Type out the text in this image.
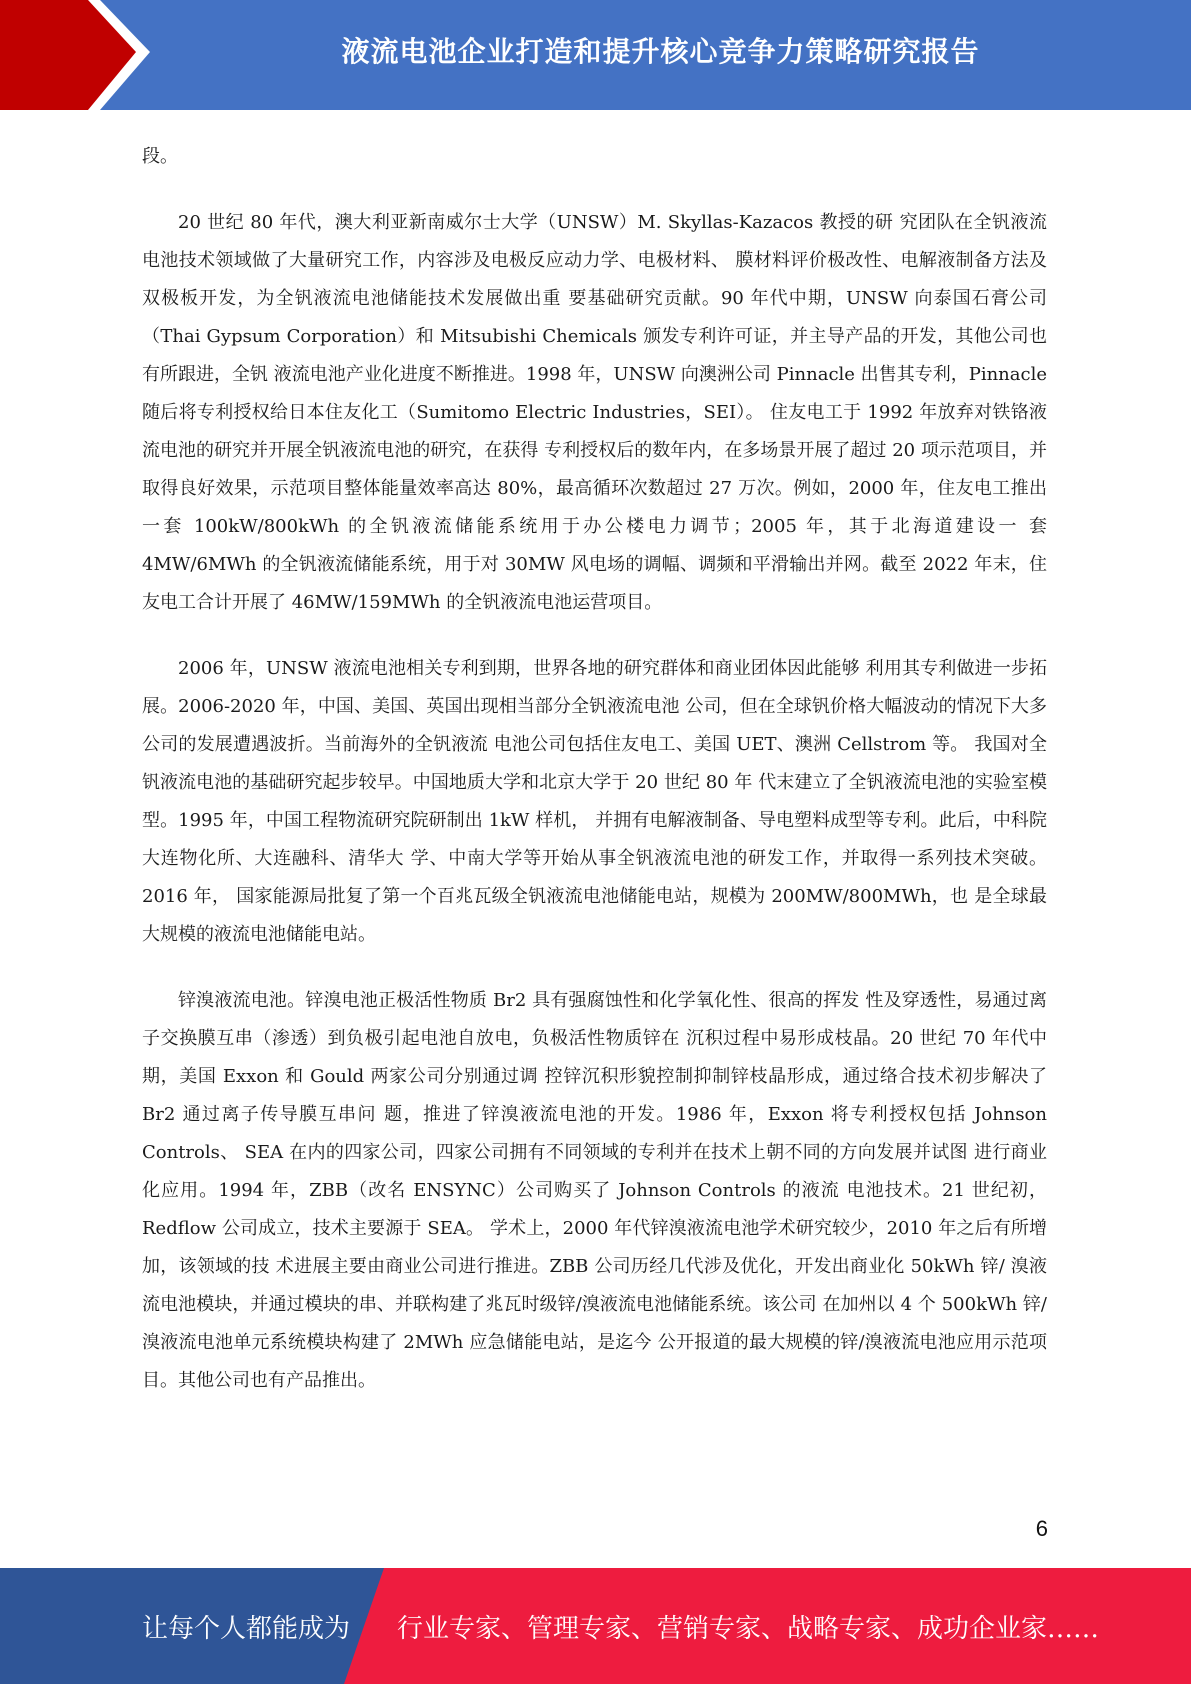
液流电池企业打造和提升核心竞争力策略研究报告

段。

20 世纪 80 年代，澳大利亚新南威尔士大学（UNSW）M. Skyllas-Kazacos 教授的研 究团队在全钒液流电池技术领域做了大量研究工作，内容涉及电极反应动力学、电极材料、 膜材料评价极改性、电解液制备方法及双极板开发，为全钒液流电池储能技术发展做出重 要基础研究贡献。90 年代中期，UNSW 向泰国石膏公司（Thai Gypsum Corporation）和 Mitsubishi Chemicals 颁发专利许可证，并主导产品的开发，其他公司也有所跟进，全钒 液流电池产业化进度不断推进。1998 年，UNSW 向澳洲公司 Pinnacle 出售其专利，Pinnacle 随后将专利授权给日本住友化工（Sumitomo Electric Industries，SEI）。 住友电工于 1992 年放弃对铁铬液流电池的研究并开展全钒液流电池的研究，在获得 专利授权后的数年内，在多场景开展了超过 20 项示范项目，并取得良好效果，示范项目整体能量效率高达 80%，最高循环次数超过 27 万次。例如，2000 年，住友电工推出一套 100kW/800kWh 的全钒液流储能系统用于办公楼电力调节；2005 年，其于北海道建设一 套 4MW/6MWh 的全钒液流储能系统，用于对 30MW 风电场的调幅、调频和平滑输出并网。截至 2022 年末，住友电工合计开展了 46MW/159MWh 的全钒液流电池运营项目。

2006 年，UNSW 液流电池相关专利到期，世界各地的研究群体和商业团体因此能够 利用其专利做进一步拓展。2006-2020 年，中国、美国、英国出现相当部分全钒液流电池 公司，但在全球钒价格大幅波动的情况下大多公司的发展遭遇波折。当前海外的全钒液流 电池公司包括住友电工、美国 UET、澳洲 Cellstrom 等。 我国对全钒液流电池的基础研究起步较早。中国地质大学和北京大学于 20 世纪 80 年 代末建立了全钒液流电池的实验室模型。1995 年，中国工程物流研究院研制出 1kW 样机， 并拥有电解液制备、导电塑料成型等专利。此后，中科院大连物化所、大连融科、清华大 学、中南大学等开始从事全钒液流电池的研发工作，并取得一系列技术突破。2016 年， 国家能源局批复了第一个百兆瓦级全钒液流电池储能电站，规模为 200MW/800MWh，也 是全球最大规模的液流电池储能电站。

锌溴液流电池。锌溴电池正极活性物质 Br2 具有强腐蚀性和化学氧化性、很高的挥发 性及穿透性，易通过离子交换膜互串（渗透）到负极引起电池自放电，负极活性物质锌在 沉积过程中易形成枝晶。20 世纪 70 年代中期，美国 Exxon 和 Gould 两家公司分别通过调 控锌沉积形貌控制抑制锌枝晶形成，通过络合技术初步解决了 Br2 通过离子传导膜互串问 题，推进了锌溴液流电池的开发。1986 年，Exxon 将专利授权包括 Johnson Controls、 SEA 在内的四家公司，四家公司拥有不同领域的专利并在技术上朝不同的方向发展并试图 进行商业化应用。1994 年，ZBB（改名 ENSYNC）公司购买了 Johnson Controls 的液流 电池技术。21 世纪初，Redflow 公司成立，技术主要源于 SEA。 学术上，2000 年代锌溴液流电池学术研究较少，2010 年之后有所增加，该领域的技 术进展主要由商业公司进行推进。ZBB 公司历经几代涉及优化，开发出商业化 50kWh 锌/ 溴液流电池模块，并通过模块的串、并联构建了兆瓦时级锌/溴液流电池储能系统。该公司 在加州以 4 个 500kWh 锌/溴液流电池单元系统模块构建了 2MWh 应急储能电站，是迄今 公开报道的最大规模的锌/溴液流电池应用示范项目。其他公司也有产品推出。

6
让每个人都能成为 行业专家、管理专家、营销专家、战略专家、成功企业家……
